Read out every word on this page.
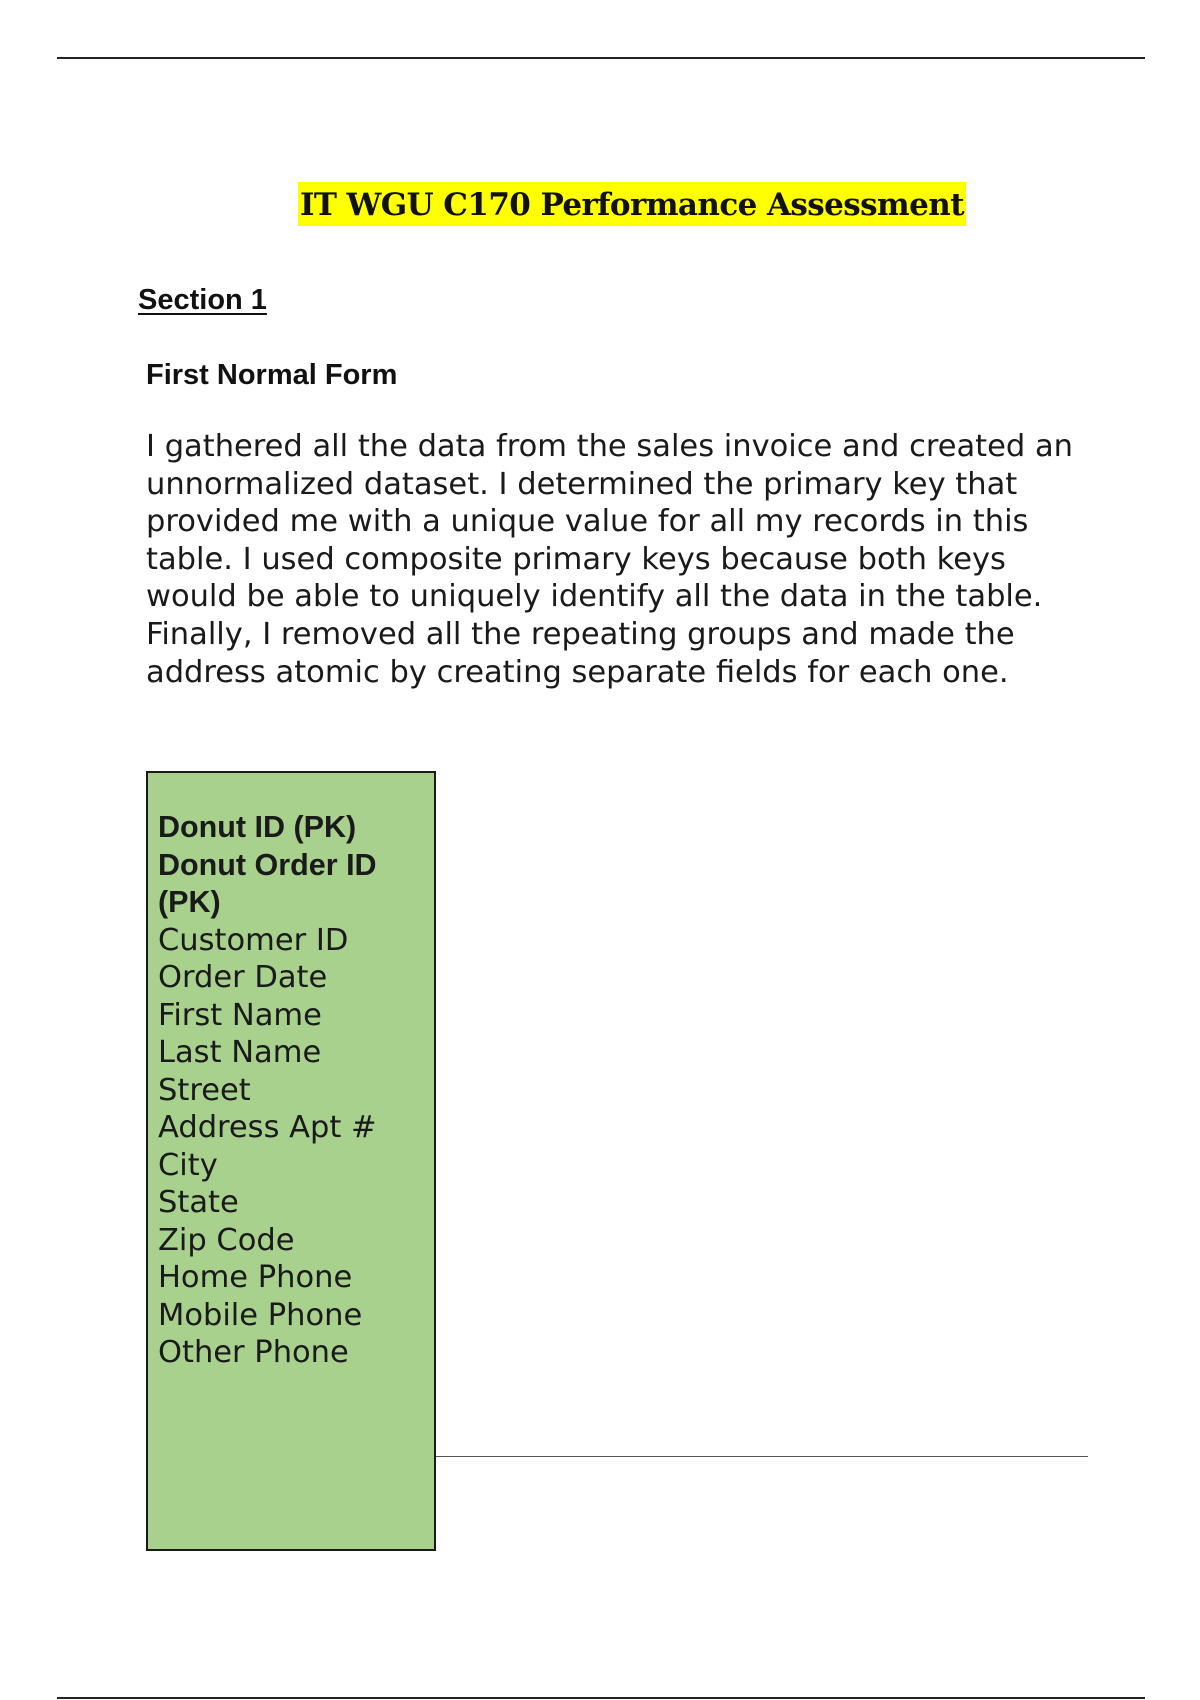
IT WGU C170 Performance Assessment
Section 1
First Normal Form

I gathered all the data from the sales invoice and created an unnormalized dataset. I determined the primary key that provided me with a unique value for all my records in this table. I used composite primary keys because both keys would be able to uniquely identify all the data in the table. Finally, I removed all the repeating groups and made the address atomic by creating separate fields for each one.

Donut ID (PK)
Donut Order ID (PK)
Customer ID
Order Date
First Name
Last Name
Street
Address Apt #
City
State
Zip Code
Home Phone
Mobile Phone
Other Phone
